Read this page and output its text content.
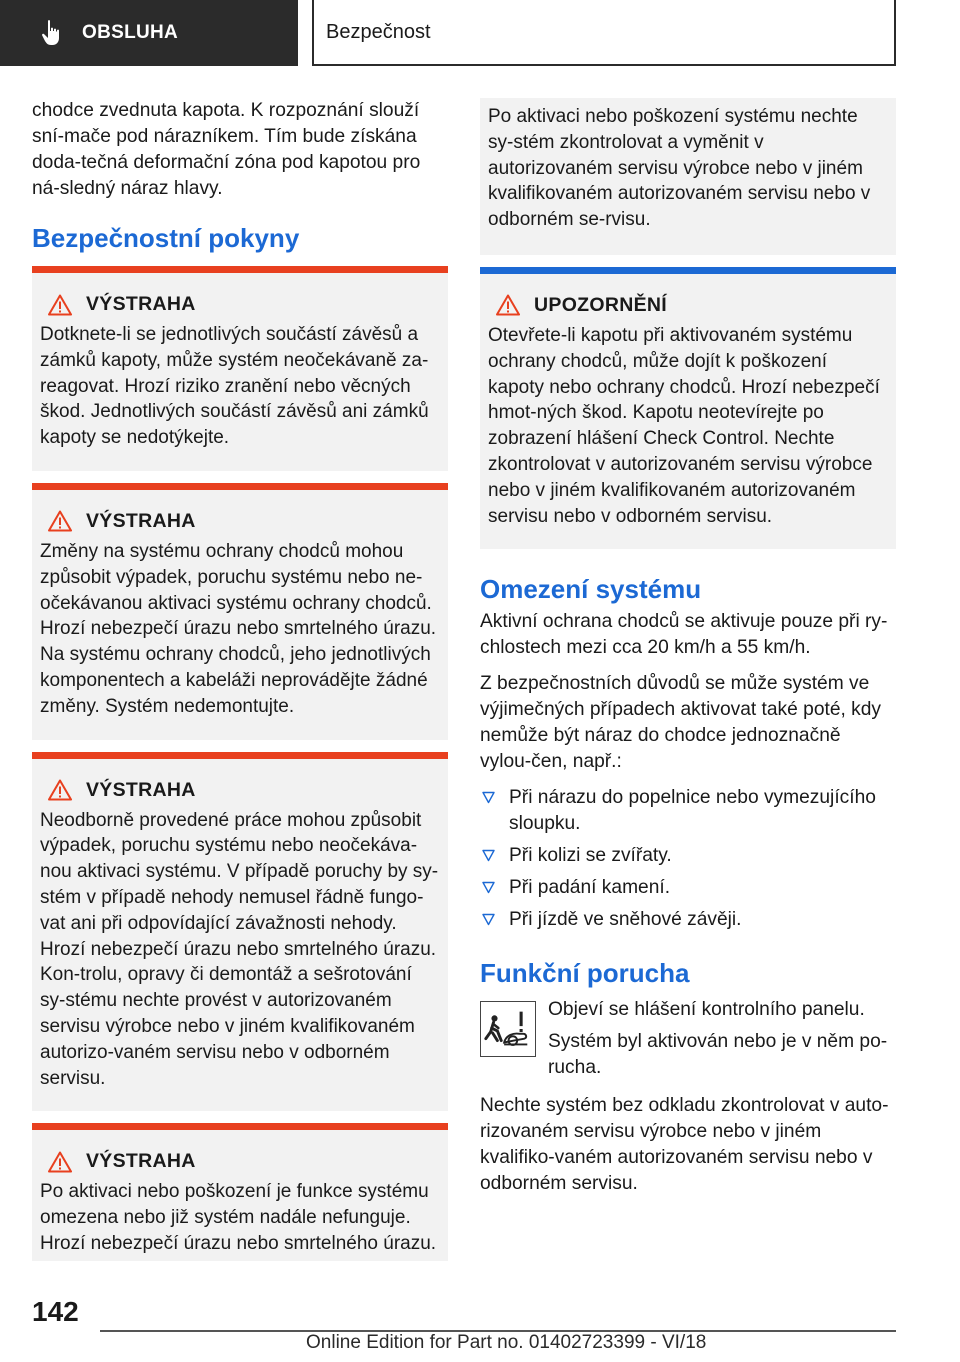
OBSLUHA	Bezpečnost

chodce zvednuta kapota. K rozpoznání slouží sní-mače pod nárazníkem. Tím bude získána doda-tečná deformační zóna pod kapotou pro ná-sledný náraz hlavy.

Bezpečnostní pokyny
VÝSTRAHA
Dotknete-li se jednotlivých součástí závěsů a zámků kapoty, může systém neočekávaně za-reagovat. Hrozí riziko zranění nebo věcných škod. Jednotlivých součástí závěsů ani zámků kapoty se nedotýkejte.
VÝSTRAHA
Změny na systému ochrany chodců mohou způsobit výpadek, poruchu systému nebo ne-očekávanou aktivaci systému ochrany chodců. Hrozí nebezpečí úrazu nebo smrtelného úrazu. Na systému ochrany chodců, jeho jednotlivých komponentech a kabeláži neprovádějte žádné změny. Systém nedemontujte.
VÝSTRAHA
Neodborně provedené práce mohou způsobit výpadek, poruchu systému nebo neočekáva-nou aktivaci systému. V případě poruchy by sy-stém v případě nehody nemusel řádně fungo-vat ani při odpovídající závažnosti nehody. Hrozí nebezpečí úrazu nebo smrtelného úrazu. Kon-trolu, opravy či demontáž a sešrotování sy-stému nechte provést v autorizovaném servisu výrobce nebo v jiném kvalifikovaném autorizo-vaném servisu nebo v odborném servisu.
VÝSTRAHA
Po aktivaci nebo poškození je funkce systému omezena nebo již systém nadále nefunguje. Hrozí nebezpečí úrazu nebo smrtelného úrazu.
Po aktivaci nebo poškození systému nechte sy-stém zkontrolovat a vyměnit v autorizovaném servisu výrobce nebo v jiném kvalifikovaném autorizovaném servisu nebo v odborném se-rvisu.
UPOZORNĚNÍ
Otevřete-li kapotu při aktivovaném systému ochrany chodců, může dojít k poškození kapoty nebo ochrany chodců. Hrozí nebezpečí hmot-ných škod. Kapotu neotevírejte po zobrazení hlášení Check Control. Nechte zkontrolovat v autorizovaném servisu výrobce nebo v jiném kvalifikovaném autorizovaném servisu nebo v odborném servisu.
Omezení systému

Aktivní ochrana chodců se aktivuje pouze při ry-chlostech mezi cca 20 km/h a 55 km/h.

Z bezpečnostních důvodů se může systém ve výjimečných případech aktivovat také poté, kdy nemůže být náraz do chodce jednoznačně vylou-čen, např.:

Při nárazu do popelnice nebo vymezujícího sloupku.
Při kolizi se zvířaty.
Při padání kamení.
Při jízdě ve sněhové závěji.
Funkční porucha

Objeví se hlášení kontrolního panelu.

Systém byl aktivován nebo je v něm po-rucha.

Nechte systém bez odkladu zkontrolovat v auto-rizovaném servisu výrobce nebo v jiném kvalifiko-vaném autorizovaném servisu nebo v odborném servisu.

142
Online Edition for Part no. 01402723399 - VI/18
